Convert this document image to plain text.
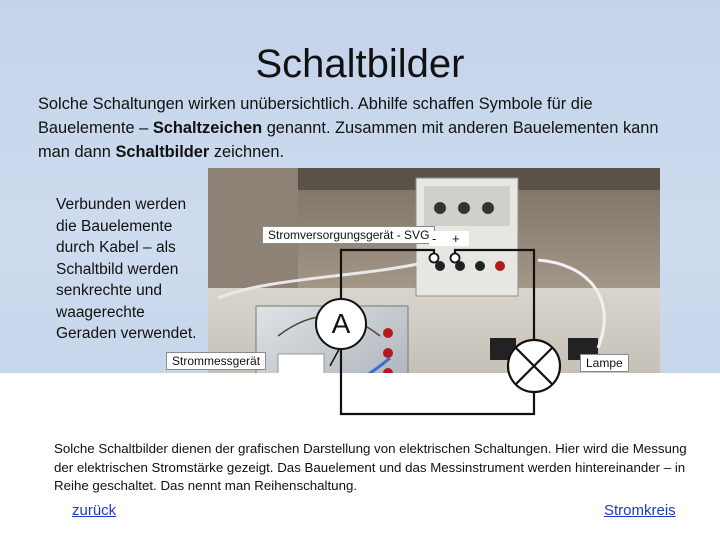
Schaltbilder
Solche Schaltungen wirken unübersichtlich. Abhilfe schaffen Symbole für die Bauelemente – Schaltzeichen genannt. Zusammen mit anderen Bauelementen kann man dann Schaltbilder zeichnen.
A
Stromversorgungsgerät - SVG - +
Strommessgerät	Lampe
Verbunden werden die Bauelemente durch Kabel – als Schaltbild werden senkrechte und waagerechte Geraden verwendet.
Solche Schaltbilder dienen der grafischen Darstellung von elektrischen Schaltungen. Hier wird die Messung der elektrischen Stromstärke gezeigt. Das Bauelement und das Messinstrument werden hintereinander – in Reihe geschaltet. Das nennt man Reihenschaltung.
zurück	Stromkreis
